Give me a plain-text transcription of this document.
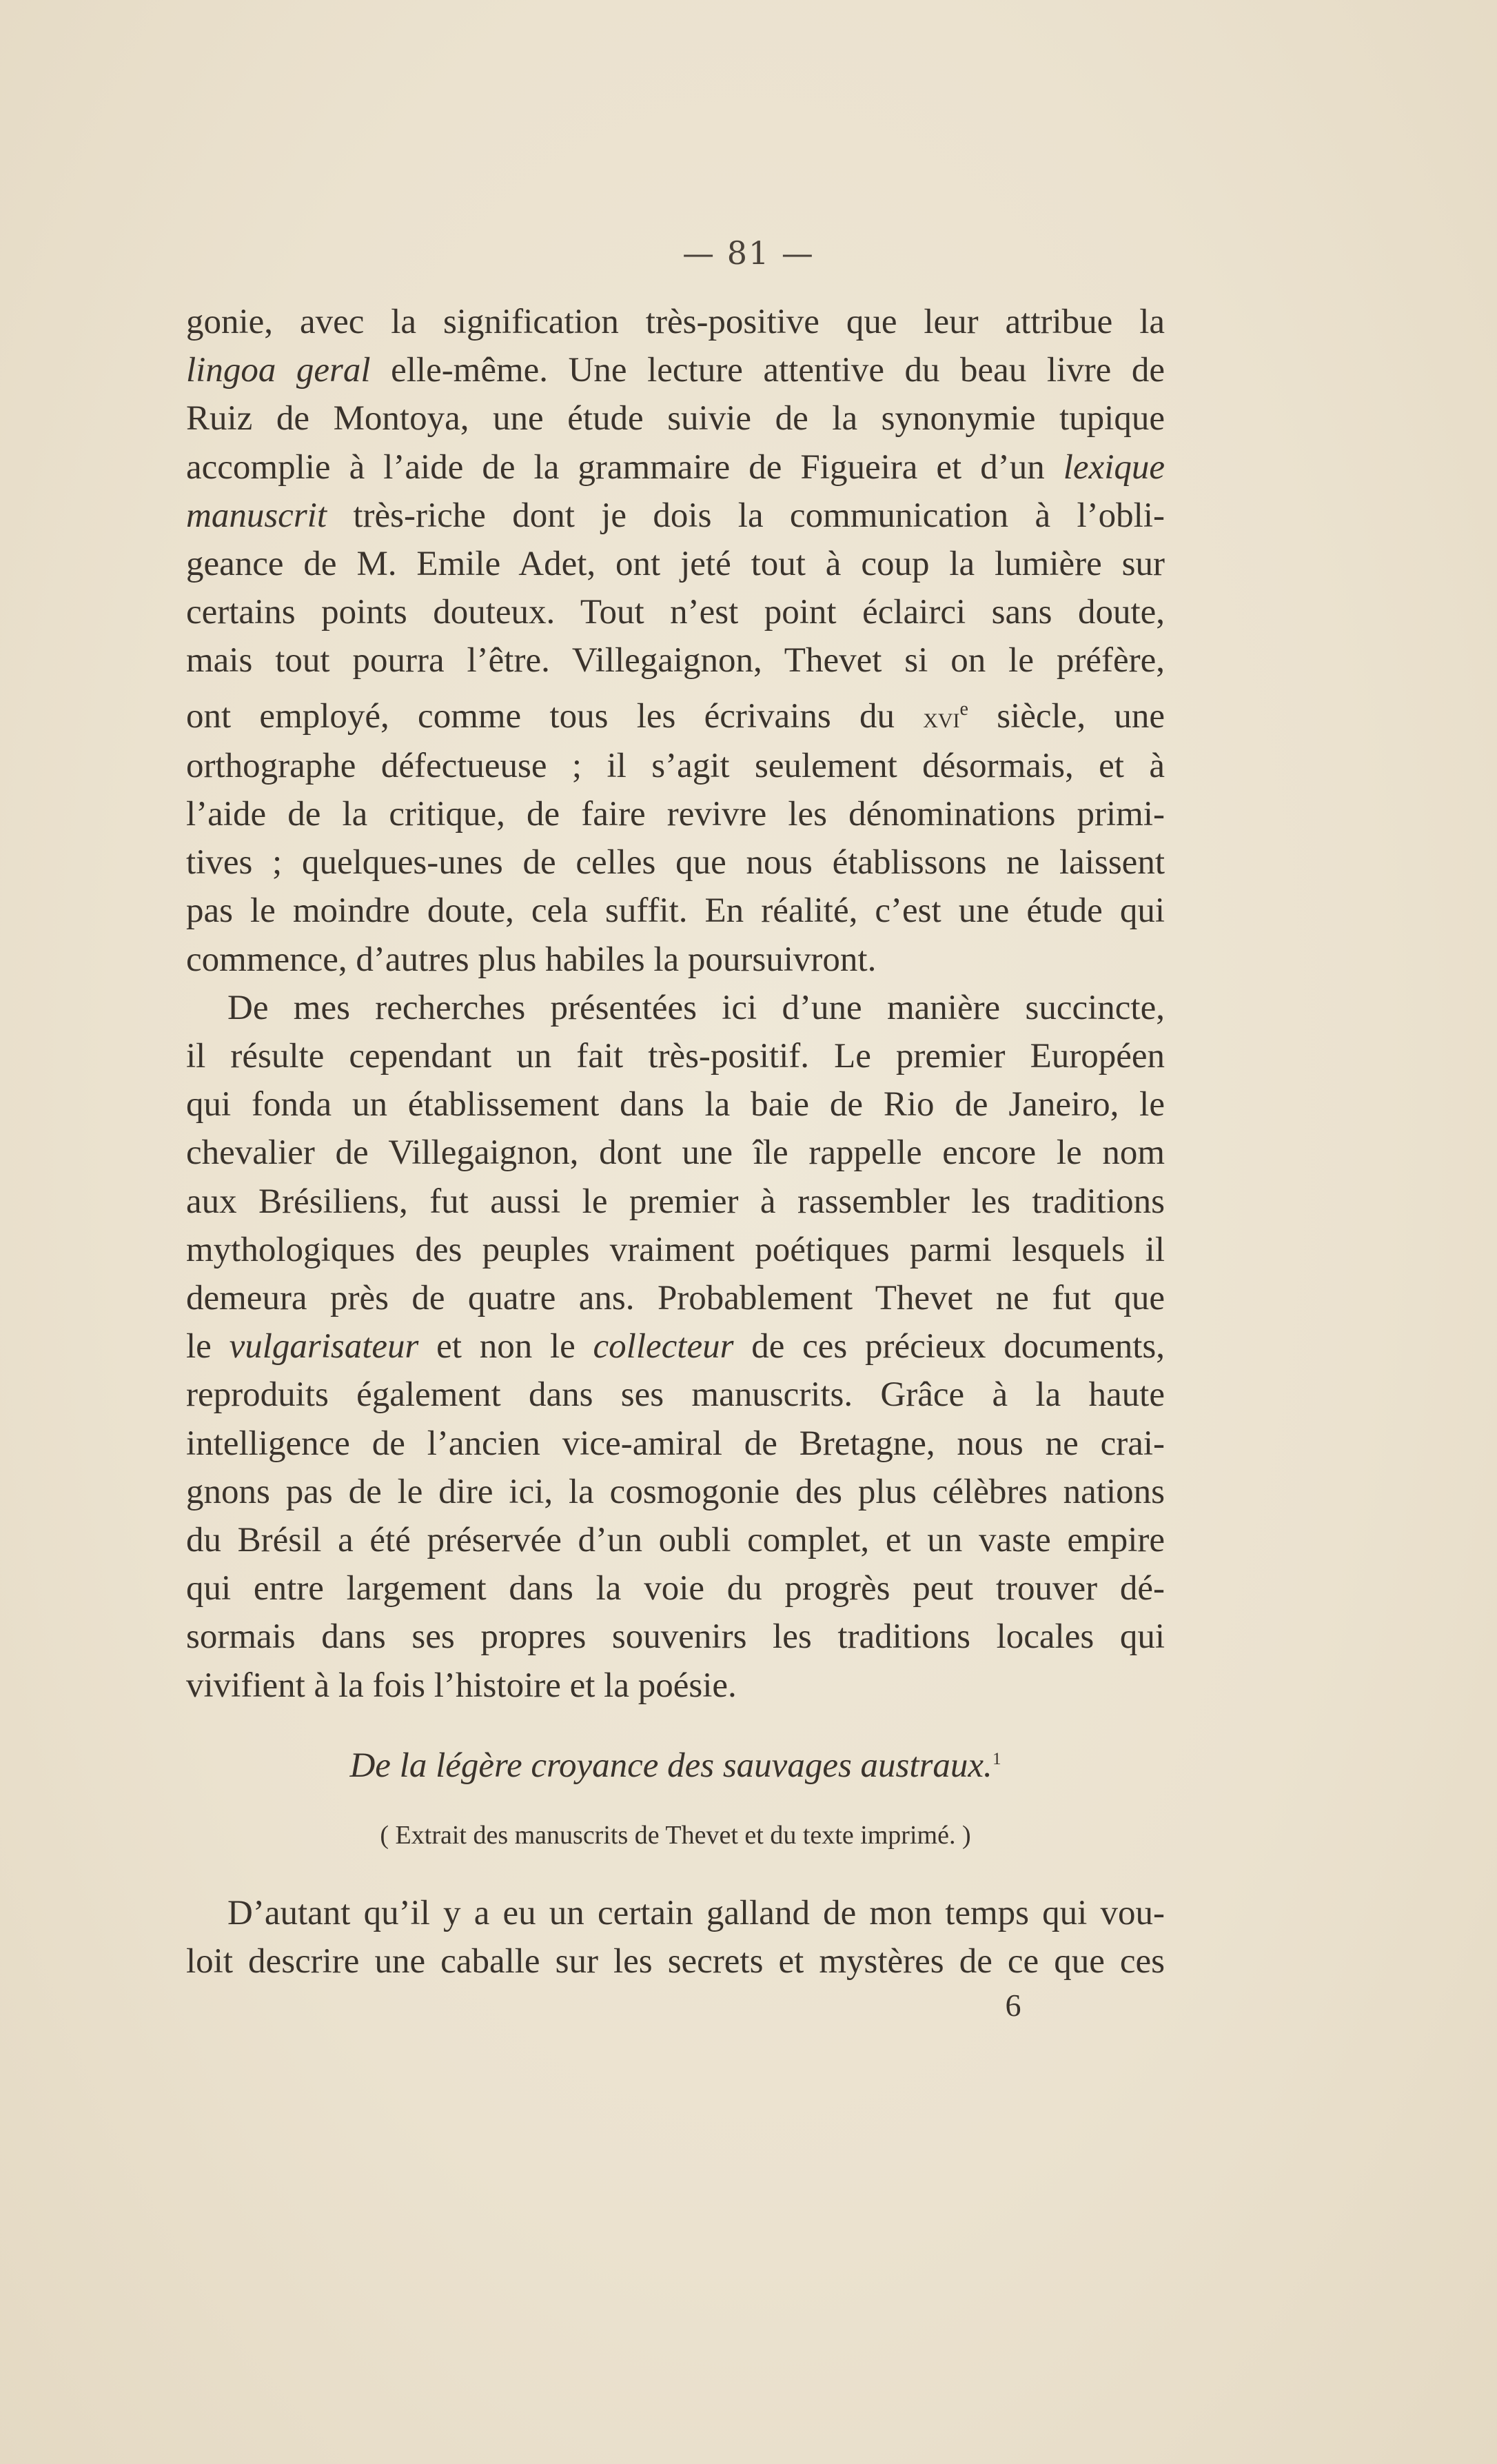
— 81 —
gonie, avec la signification très-positive que leur attribue la
lingoa geral elle-même. Une lecture attentive du beau livre de
Ruiz de Montoya, une étude suivie de la synonymie tupique
accomplie à l’aide de la grammaire de Figueira et d’un lexique
manuscrit très-riche dont je dois la communication à l’obli-
geance de M. Emile Adet, ont jeté tout à coup la lumière sur
certains points douteux. Tout n’est point éclairci sans doute,
mais tout pourra l’être. Villegaignon, Thevet si on le préfère,
ont employé, comme tous les écrivains du xvi$^e$ siècle, une
orthographe défectueuse ; il s’agit seulement désormais, et à
l’aide de la critique, de faire revivre les dénominations primi-
tives ; quelques-unes de celles que nous établissons ne laissent
pas le moindre doute, cela suffit. En réalité, c’est une étude qui
commence, d’autres plus habiles la poursuivront.
De mes recherches présentées ici d’une manière succincte,
il résulte cependant un fait très-positif. Le premier Européen
qui fonda un établissement dans la baie de Rio de Janeiro, le
chevalier de Villegaignon, dont une île rappelle encore le nom
aux Brésiliens, fut aussi le premier à rassembler les traditions
mythologiques des peuples vraiment poétiques parmi lesquels il
demeura près de quatre ans. Probablement Thevet ne fut que
le vulgarisateur et non le collecteur de ces précieux documents,
reproduits également dans ses manuscrits. Grâce à la haute
intelligence de l’ancien vice-amiral de Bretagne, nous ne crai-
gnons pas de le dire ici, la cosmogonie des plus célèbres nations
du Brésil a été préservée d’un oubli complet, et un vaste empire
qui entre largement dans la voie du progrès peut trouver dé-
sormais dans ses propres souvenirs les traditions locales qui
vivifient à la fois l’histoire et la poésie.
De la légère croyance des sauvages austraux.$^1$
( Extrait des manuscrits de Thevet et du texte imprimé. )
D’autant qu’il y a eu un certain galland de mon temps qui vou-
loit descrire une caballe sur les secrets et mystères de ce que ces
6
